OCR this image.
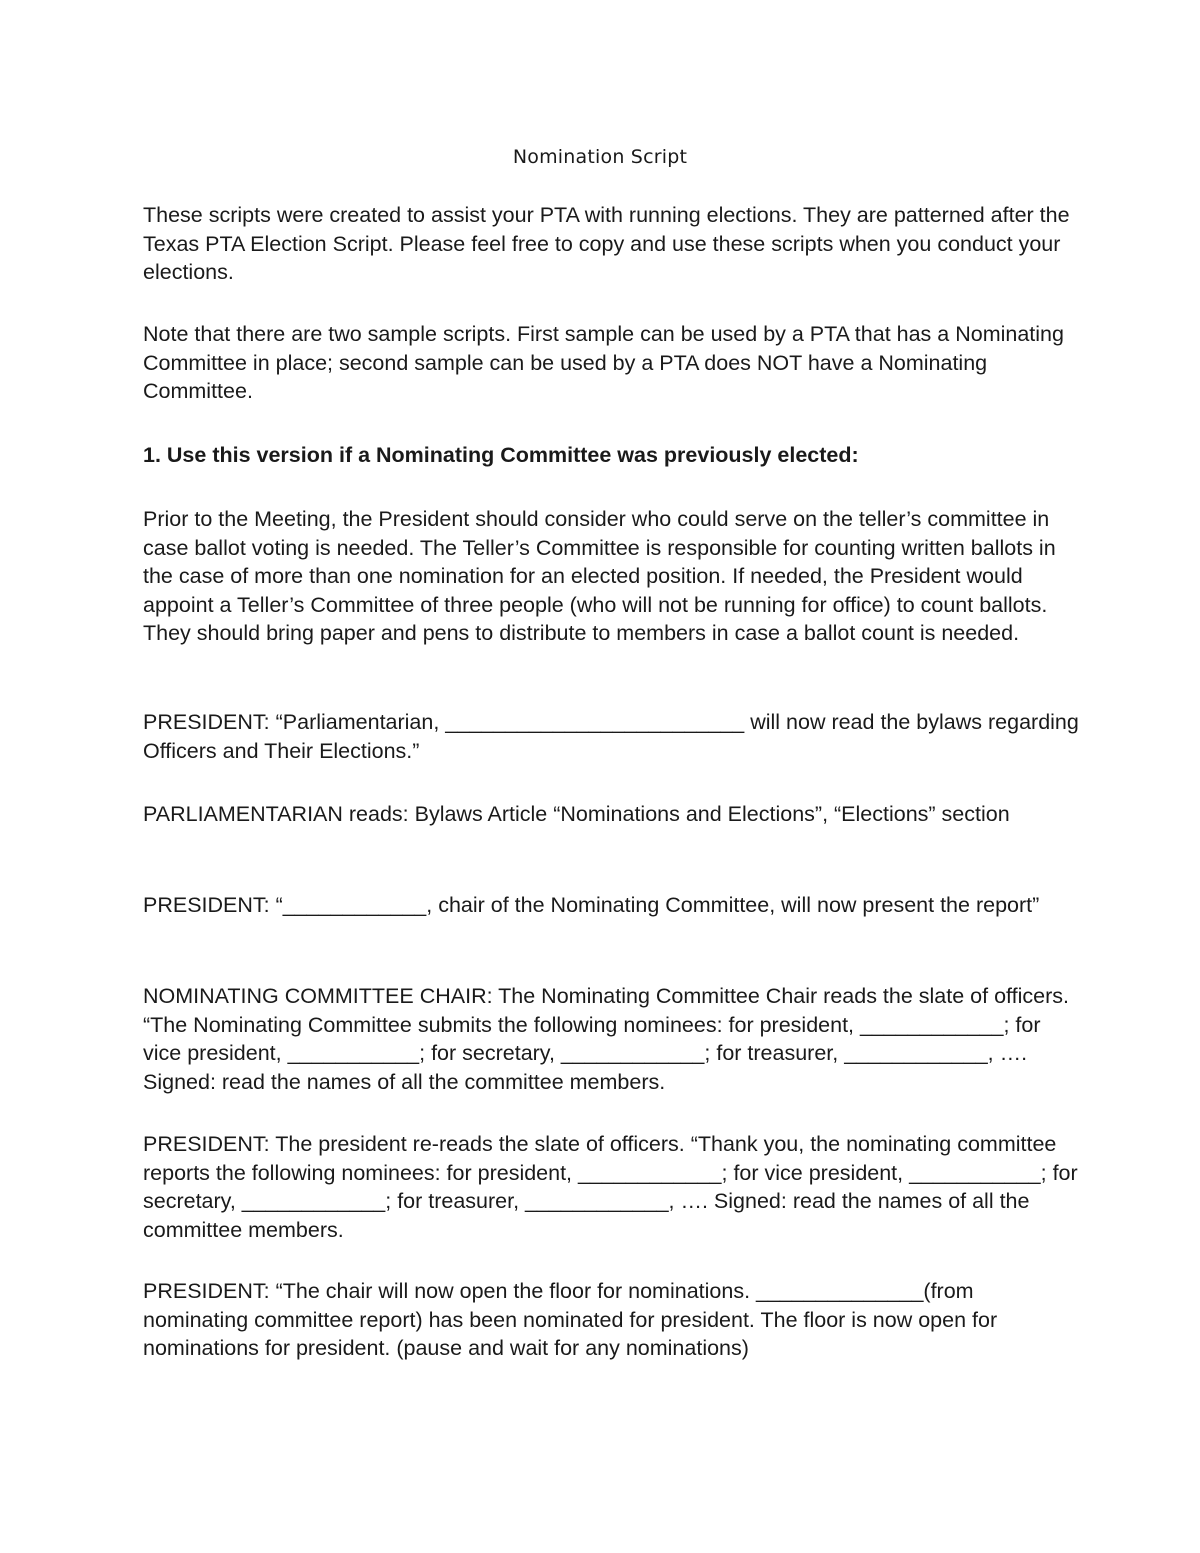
Nomination Script

These scripts were created to assist your PTA with running elections. They are patterned after the Texas PTA Election Script. Please feel free to copy and use these scripts when you conduct your elections.

Note that there are two sample scripts. First sample can be used by a PTA that has a Nominating Committee in place; second sample can be used by a PTA does NOT have a Nominating Committee.

1. Use this version if a Nominating Committee was previously elected:

Prior to the Meeting, the President should consider who could serve on the teller’s committee in case ballot voting is needed. The Teller’s Committee is responsible for counting written ballots in the case of more than one nomination for an elected position. If needed, the President would appoint a Teller’s Committee of three people (who will not be running for office) to count ballots. They should bring paper and pens to distribute to members in case a ballot count is needed.

PRESIDENT: “Parliamentarian, _________________________ will now read the bylaws regarding Officers and Their Elections.”

PARLIAMENTARIAN reads: Bylaws Article “Nominations and Elections”, “Elections” section

PRESIDENT: “____________, chair of the Nominating Committee, will now present the report”

NOMINATING COMMITTEE CHAIR: The Nominating Committee Chair reads the slate of officers. “The Nominating Committee submits the following nominees: for president, ____________; for vice president, ___________; for secretary, ____________; for treasurer, ____________, …. Signed: read the names of all the committee members.

PRESIDENT: The president re-reads the slate of officers. “Thank you, the nominating committee reports the following nominees: for president, ____________; for vice president, ___________; for secretary, ____________; for treasurer, ____________, …. Signed: read the names of all the committee members.

PRESIDENT: “The chair will now open the floor for nominations. ______________(from nominating committee report) has been nominated for president. The floor is now open for nominations for president. (pause and wait for any nominations)
